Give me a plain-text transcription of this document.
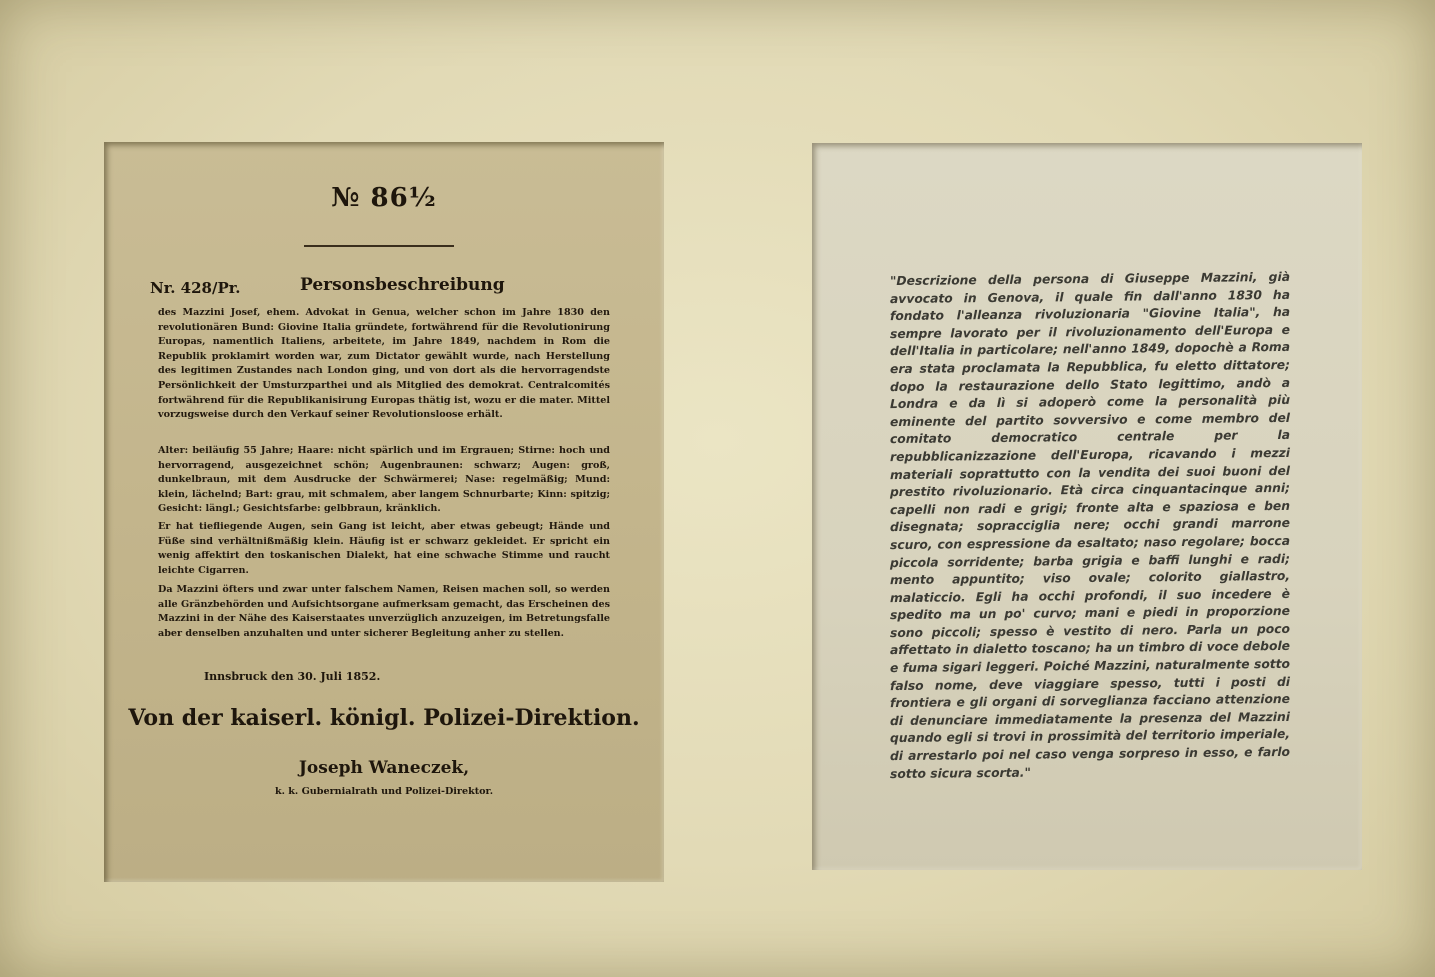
№ 86½
Nr. 428/Pr.	Personsbeschreibung
des Mazzini Josef, ehem. Advokat in Genua, welcher schon im Jahre 1830 den revolutionären Bund: Giovine Italia gründete, fortwährend für die Revolutionirung Europas, namentlich Italiens, arbeitete, im Jahre 1849, nachdem in Rom die Republik proklamirt worden war, zum Dictator gewählt wurde, nach Herstellung des legitimen Zustandes nach London ging, und von dort als die hervorragendste Persönlichkeit der Umsturzparthei und als Mitglied des demokrat. Centralcomités fortwährend für die Republikanisirung Europas thätig ist, wozu er die mater. Mittel vorzugsweise durch den Verkauf seiner Revolutionsloose erhält.
Alter: beiläufig 55 Jahre; Haare: nicht spärlich und im Ergrauen; Stirne: hoch und hervorragend, ausgezeichnet schön; Augenbraunen: schwarz; Augen: groß, dunkelbraun, mit dem Ausdrucke der Schwärmerei; Nase: regelmäßig; Mund: klein, lächelnd; Bart: grau, mit schmalem, aber langem Schnurbarte; Kinn: spitzig; Gesicht: längl.; Gesichtsfarbe: gelbbraun, kränklich.
Er hat tiefliegende Augen, sein Gang ist leicht, aber etwas gebeugt; Hände und Füße sind verhältnißmäßig klein. Häufig ist er schwarz gekleidet. Er spricht ein wenig affektirt den toskanischen Dialekt, hat eine schwache Stimme und raucht leichte Cigarren.
Da Mazzini öfters und zwar unter falschem Namen, Reisen machen soll, so werden alle Gränzbehörden und Aufsichtsorgane aufmerksam gemacht, das Erscheinen des Mazzini in der Nähe des Kaiserstaates unverzüglich anzuzeigen, im Betretungsfalle aber denselben anzuhalten und unter sicherer Begleitung anher zu stellen.
Innsbruck den 30. Juli 1852.
Von der kaiserl. königl. Polizei-Direktion.
Joseph Waneczek,
k. k. Gubernialrath und Polizei-Direktor.
"Descrizione della persona di Giuseppe Mazzini, già avvocato in Genova, il quale fin dall'anno 1830 ha fondato l'alleanza rivoluzionaria "Giovine Italia", ha sempre lavorato per il rivoluzionamento dell'Europa e dell'Italia in particolare; nell'anno 1849, dopochè a Roma era stata proclamata la Repubblica, fu eletto dittatore; dopo la restaurazione dello Stato legittimo, andò a Londra e da lì si adoperò come la personalità più eminente del partito sovversivo e come membro del comitato democratico centrale per la repubblicanizzazione dell'Europa, ricavando i mezzi materiali soprattutto con la vendita dei suoi buoni del prestito rivoluzionario. Età circa cinquantacinque anni; capelli non radi e grigi; fronte alta e spaziosa e ben disegnata; sopracciglia nere; occhi grandi marrone scuro, con espressione da esaltato; naso regolare; bocca piccola sorridente; barba grigia e baffi lunghi e radi; mento appuntito; viso ovale; colorito giallastro, malaticcio. Egli ha occhi profondi, il suo incedere è spedito ma un po' curvo; mani e piedi in proporzione sono piccoli; spesso è vestito di nero. Parla un poco affettato in dialetto toscano; ha un timbro di voce debole e fuma sigari leggeri. Poiché Mazzini, naturalmente sotto falso nome, deve viaggiare spesso, tutti i posti di frontiera e gli organi di sorveglianza facciano attenzione di denunciare immediatamente la presenza del Mazzini quando egli si trovi in prossimità del territorio imperiale, di arrestarlo poi nel caso venga sorpreso in esso, e farlo sotto sicura scorta."
